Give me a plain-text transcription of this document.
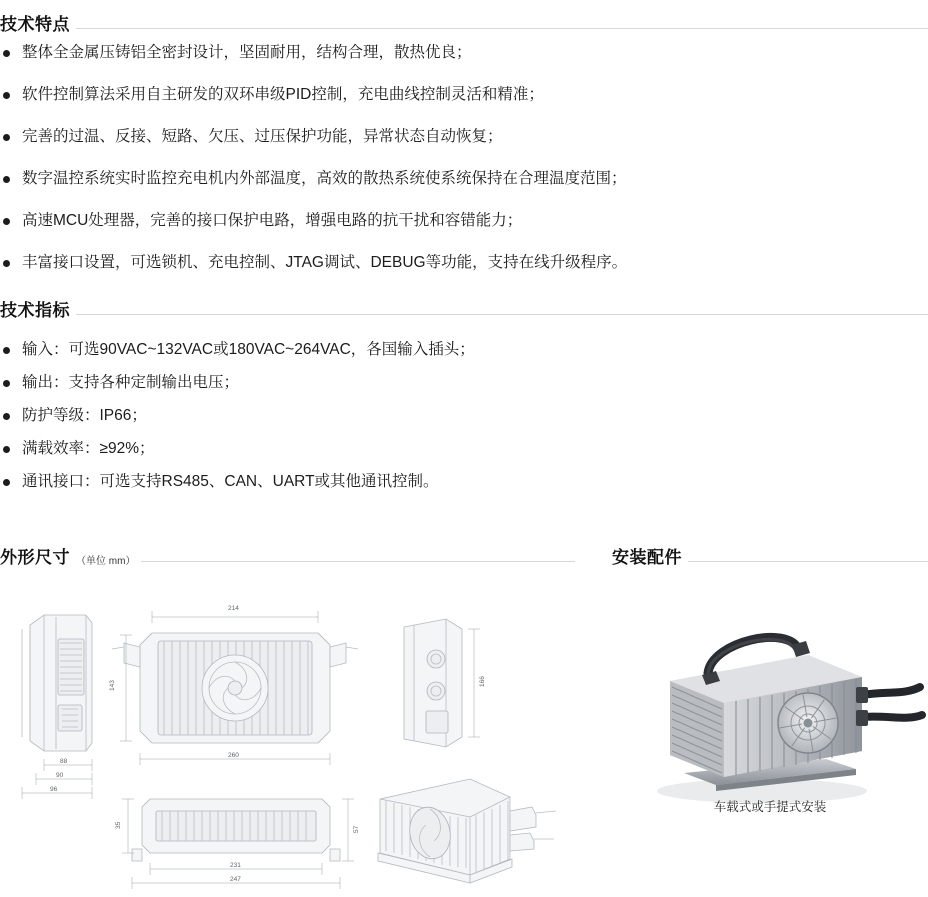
技术特点
整体全金属压铸铝全密封设计，坚固耐用，结构合理，散热优良；
软件控制算法采用自主研发的双环串级PID控制，充电曲线控制灵活和精准；
完善的过温、反接、短路、欠压、过压保护功能，异常状态自动恢复；
数字温控系统实时监控充电机内外部温度，高效的散热系统使系统保持在合理温度范围；
高速MCU处理器，完善的接口保护电路，增强电路的抗干扰和容错能力；
丰富接口设置，可选锁机、充电控制、JTAG调试、DEBUG等功能，支持在线升级程序。
技术指标
输入：可选90VAC~132VAC或180VAC~264VAC，各国输入插头；
输出：支持各种定制输出电压；
防护等级：IP66；
满载效率：≥92%；
通讯接口：可选支持RS485、CAN、UART或其他通讯控制。
外形尺寸 （单位 mm）	安装配件
88
90
96
214
143
260
166
231
247
35
57
车载式或手提式安装
